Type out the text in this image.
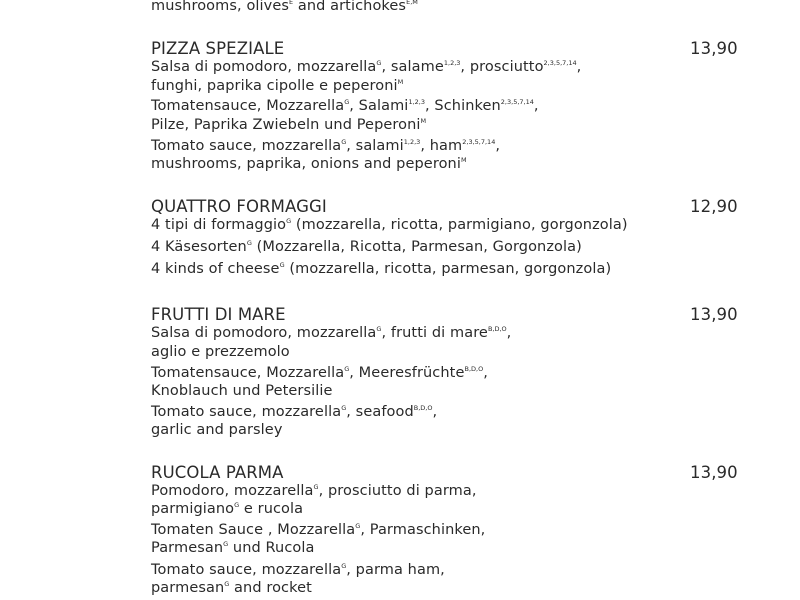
mushrooms, olives$^E$ and artichokes$^{E,M}$
PIZZA SPEZIALE	13,90
Salsa di pomodoro, mozzarella$^G$, salame$^{1,2,3}$, prosciutto$^{2,3,5,7,14}$,
funghi, paprika cipolle e peperoni$^M$
Tomatensauce, Mozzarella$^G$, Salami$^{1,2,3}$, Schinken$^{2,3,5,7,14}$,
Pilze, Paprika Zwiebeln und Peperoni$^M$
Tomato sauce, mozzarella$^G$, salami$^{1,2,3}$, ham$^{2,3,5,7,14}$,
mushrooms, paprika, onions and peperoni$^M$
QUATTRO FORMAGGI	12,90
4 tipi di formaggio$^G$ (mozzarella, ricotta, parmigiano, gorgonzola)
4 Käsesorten$^G$ (Mozzarella, Ricotta, Parmesan, Gorgonzola)
4 kinds of cheese$^G$ (mozzarella, ricotta, parmesan, gorgonzola)
FRUTTI DI MARE	13,90
Salsa di pomodoro, mozzarella$^G$, frutti di mare$^{B,D,O}$,
aglio e prezzemolo
Tomatensauce, Mozzarella$^G$, Meeresfrüchte$^{B,D,O}$,
Knoblauch und Petersilie
Tomato sauce, mozzarella$^G$, seafood$^{B,D,O}$,
garlic and parsley
RUCOLA PARMA	13,90
Pomodoro, mozzarella$^G$, prosciutto di parma,
parmigiano$^G$ e rucola
Tomaten Sauce , Mozzarella$^G$, Parmaschinken,
Parmesan$^G$ und Rucola
Tomato sauce, mozzarella$^G$, parma ham,
parmesan$^G$ and rocket
